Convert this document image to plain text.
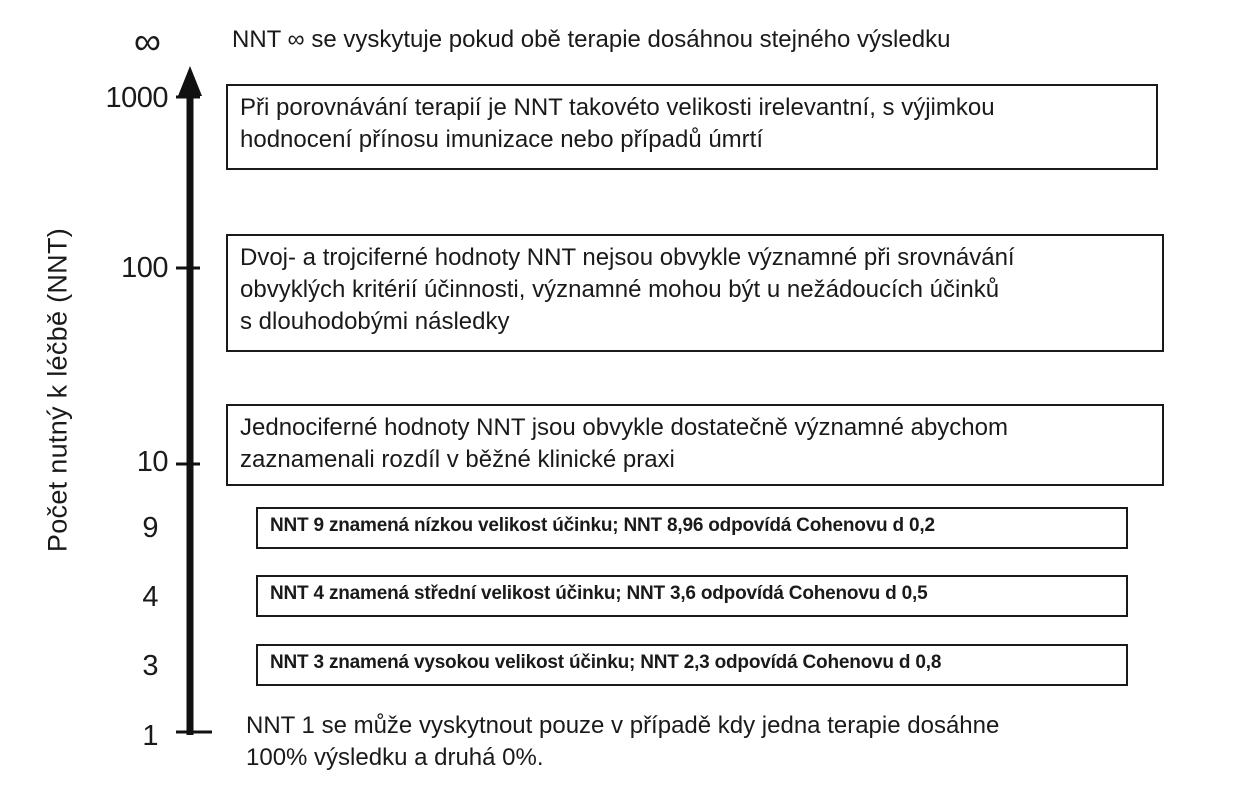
Počet nutný k léčbě (NNT)
∞
1000
100
10
9
4
3
1
NNT ∞ se vyskytuje pokud obě terapie dosáhnou stejného výsledku
Při porovnávání terapií je NNT takovéto velikosti irelevantní, s výjimkou
hodnocení přínosu imunizace nebo případů úmrtí
Dvoj- a trojciferné hodnoty NNT nejsou obvykle významné při srovnávání
obvyklých kritérií účinnosti, významné mohou být u nežádoucích účinků
s dlouhodobými následky
Jednociferné hodnoty NNT jsou obvykle dostatečně významné abychom
zaznamenali rozdíl v běžné klinické praxi
NNT 9 znamená nízkou velikost účinku; NNT 8,96 odpovídá Cohenovu d 0,2
NNT 4 znamená střední velikost účinku; NNT 3,6 odpovídá Cohenovu d 0,5
NNT 3 znamená vysokou velikost účinku; NNT 2,3 odpovídá Cohenovu d 0,8
NNT 1 se může vyskytnout pouze v případě kdy jedna terapie dosáhne
100% výsledku a druhá 0%.
